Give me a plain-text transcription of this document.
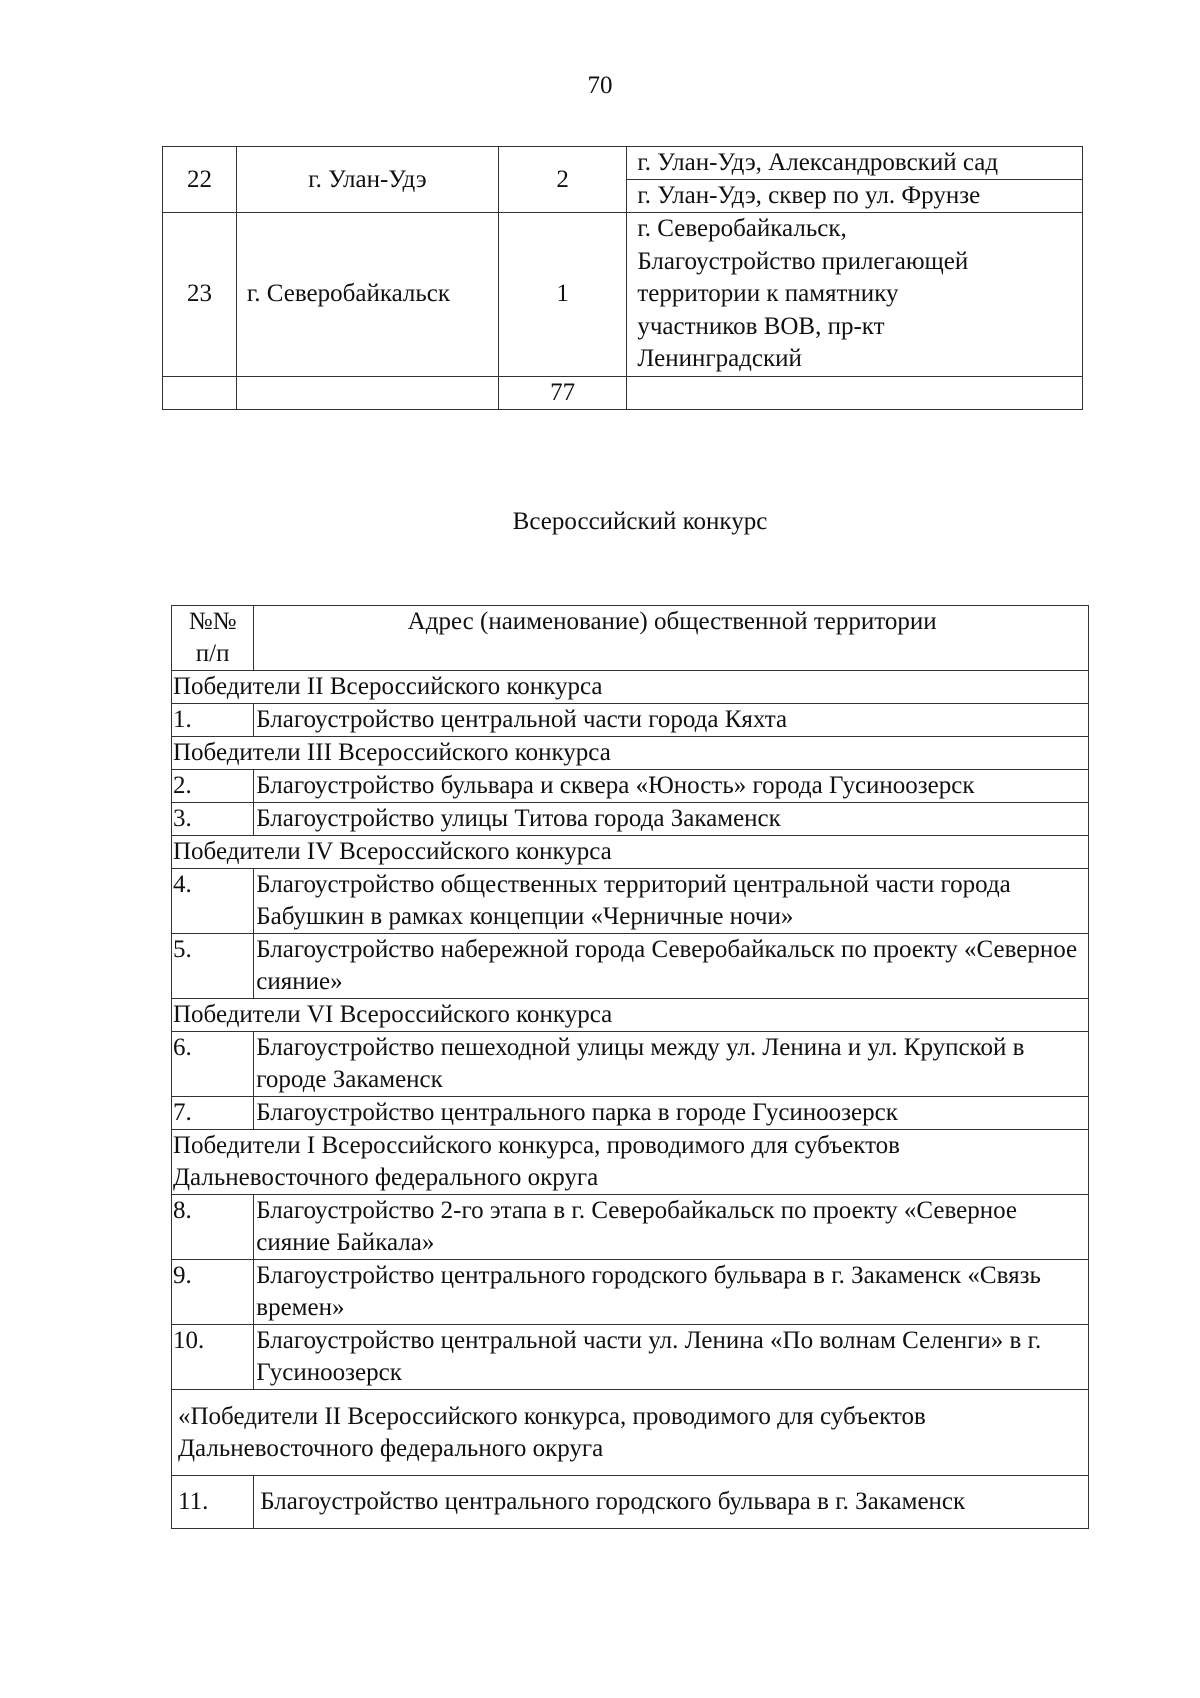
70
22	г. Улан-Удэ	2	г. Улан-Удэ, Александровский сад
			г. Улан-Удэ, сквер по ул. Фрунзе
23	г. Северобайкальск	1	г. Северобайкальск,
Благоустройство прилегающей
территории к памятнику
участников ВОВ, пр-кт
Ленинградский

		77	
Всероссийский конкурс
№№
п/п	Адрес (наименование) общественной территории
Победители II Всероссийского конкурса	
1.	Благоустройство центральной части города Кяхта
Победители III Всероссийского конкурса	
2.	Благоустройство бульвара и сквера «Юность» города Гусиноозерск
3.	Благоустройство улицы Титова города Закаменск
Победители IV Всероссийского конкурса	
4.	Благоустройство общественных территорий центральной части города Бабушкин в рамках концепции «Черничные ночи»
5.	Благоустройство набережной города Северобайкальск по проекту «Северное сияние»
Победители VI Всероссийского конкурса	
6.	Благоустройство пешеходной улицы между ул. Ленина и ул. Крупской в городе Закаменск
7.	Благоустройство центрального парка в городе Гусиноозерск
Победители I Всероссийского конкурса, проводимого для субъектов Дальневосточного федерального округа	
8.	Благоустройство 2-го этапа в г. Северобайкальск по проекту «Северное сияние Байкала»
9.	Благоустройство центрального городского бульвара в г. Закаменск «Связь времен»
10.	Благоустройство центральной части ул. Ленина «По волнам Селенги» в г. Гусиноозерск
«Победители II Всероссийского конкурса, проводимого для субъектов Дальневосточного федерального округа	
11.	Благоустройство центрального городского бульвара в г. Закаменск
